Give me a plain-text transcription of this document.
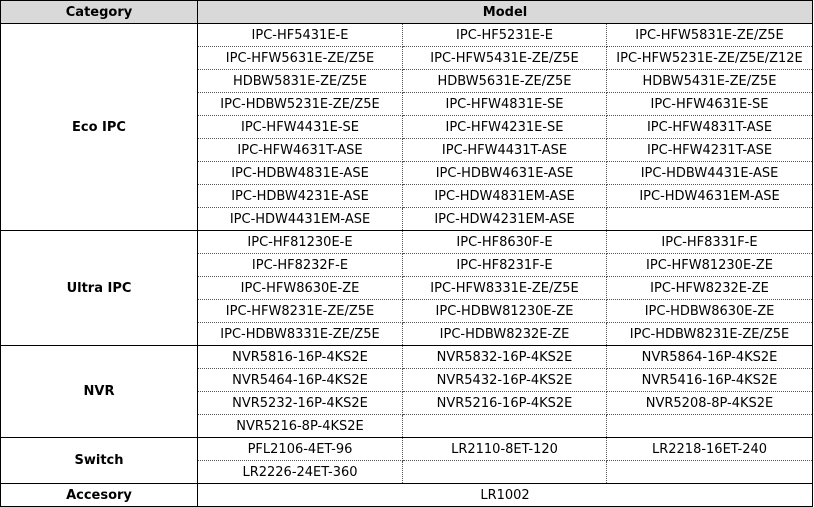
Category	Model		
Eco IPC	IPC-HF5431E-E	IPC-HF5231E-E	IPC-HFW5831E-ZE/Z5E
	IPC-HFW5631E-ZE/Z5E	IPC-HFW5431E-ZE/Z5E	IPC-HFW5231E-ZE/Z5E/Z12E
	HDBW5831E-ZE/Z5E	HDBW5631E-ZE/Z5E	HDBW5431E-ZE/Z5E
	IPC-HDBW5231E-ZE/Z5E	IPC-HFW4831E-SE	IPC-HFW4631E-SE
	IPC-HFW4431E-SE	IPC-HFW4231E-SE	IPC-HFW4831T-ASE
	IPC-HFW4631T-ASE	IPC-HFW4431T-ASE	IPC-HFW4231T-ASE
	IPC-HDBW4831E-ASE	IPC-HDBW4631E-ASE	IPC-HDBW4431E-ASE
	IPC-HDBW4231E-ASE	IPC-HDW4831EM-ASE	IPC-HDW4631EM-ASE
	IPC-HDW4431EM-ASE	IPC-HDW4231EM-ASE	
Ultra IPC	IPC-HF81230E-E	IPC-HF8630F-E	IPC-HF8331F-E
	IPC-HF8232F-E	IPC-HF8231F-E	IPC-HFW81230E-ZE
	IPC-HFW8630E-ZE	IPC-HFW8331E-ZE/Z5E	IPC-HFW8232E-ZE
	IPC-HFW8231E-ZE/Z5E	IPC-HDBW81230E-ZE	IPC-HDBW8630E-ZE
	IPC-HDBW8331E-ZE/Z5E	IPC-HDBW8232E-ZE	IPC-HDBW8231E-ZE/Z5E
NVR	NVR5816-16P-4KS2E	NVR5832-16P-4KS2E	NVR5864-16P-4KS2E
	NVR5464-16P-4KS2E	NVR5432-16P-4KS2E	NVR5416-16P-4KS2E
	NVR5232-16P-4KS2E	NVR5216-16P-4KS2E	NVR5208-8P-4KS2E
	NVR5216-8P-4KS2E		
Switch	PFL2106-4ET-96	LR2110-8ET-120	LR2218-16ET-240
	LR2226-24ET-360		
Accesory	LR1002		
